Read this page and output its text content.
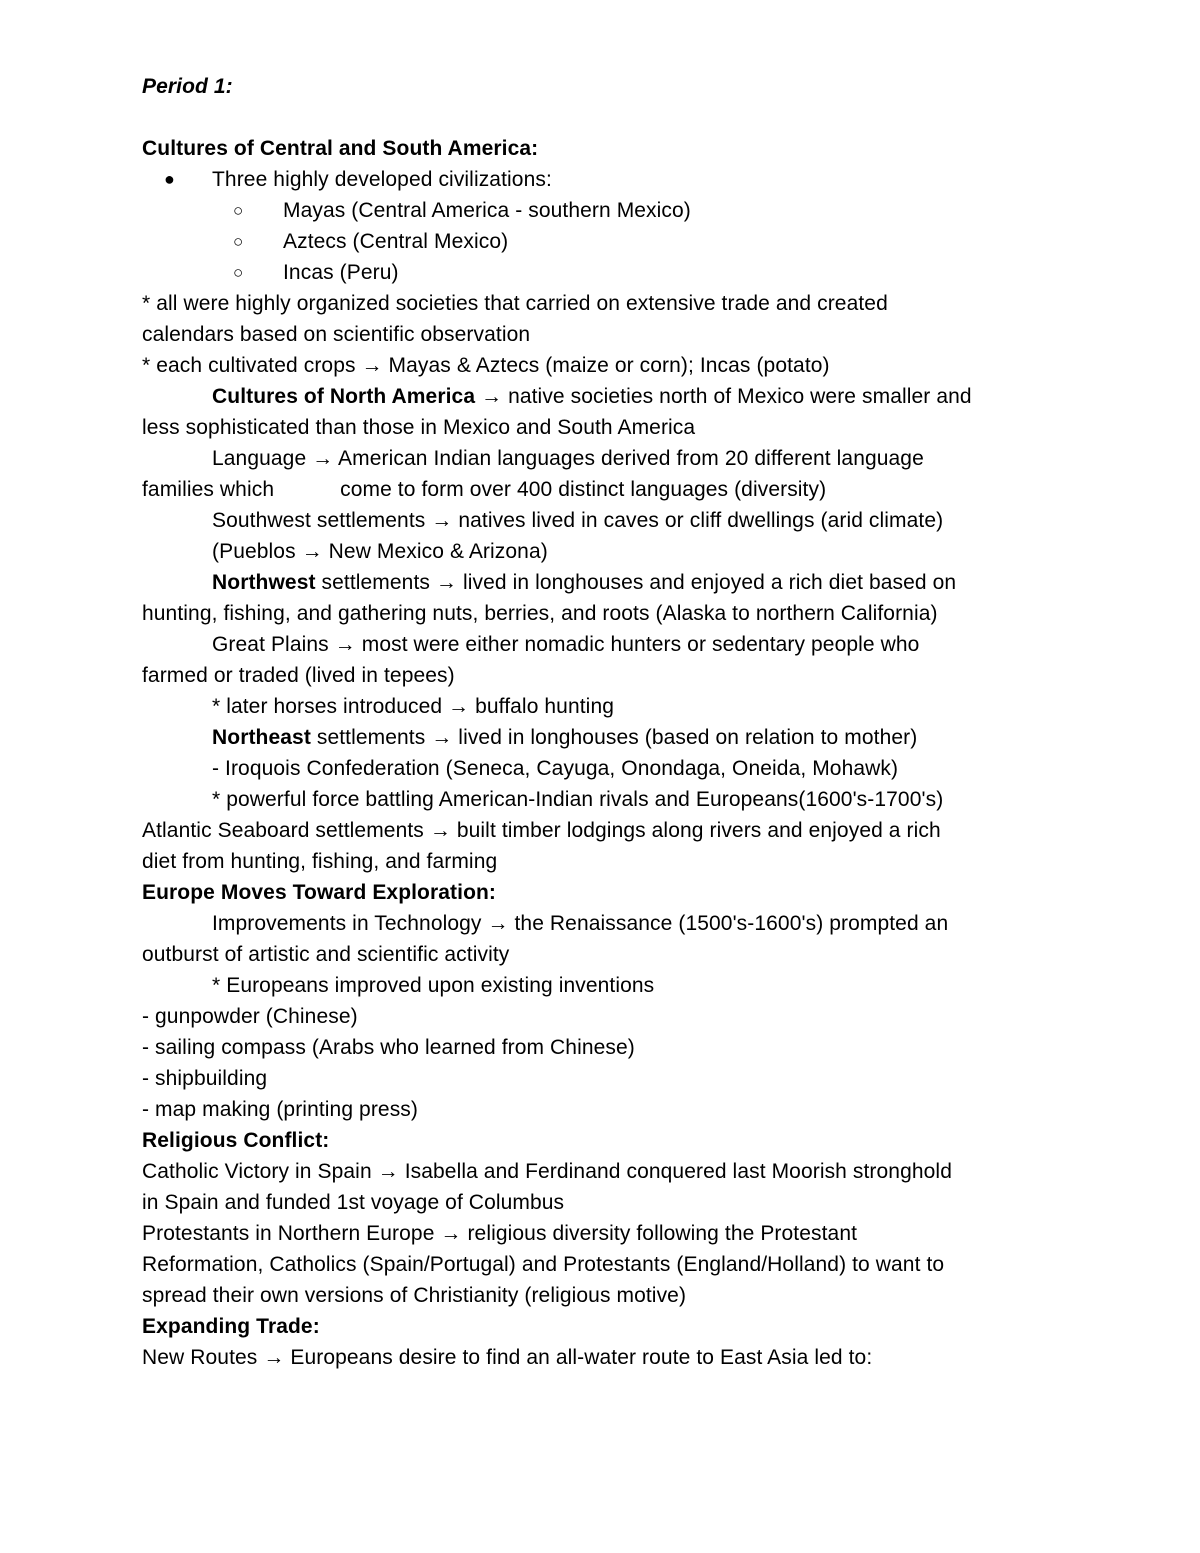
Period 1:
Cultures of Central and South America:
● Three highly developed civilizations:
○ Mayas (Central America - southern Mexico)
○ Aztecs (Central Mexico)
○ Incas (Peru)
* all were highly organized societies that carried on extensive trade and created
calendars based on scientific observation
* each cultivated crops → Mayas & Aztecs (maize or corn); Incas (potato)
Cultures of North America → native societies north of Mexico were smaller and
less sophisticated than those in Mexico and South America
Language → American Indian languages derived from 20 different language
families which	come to form over 400 distinct languages (diversity)
Southwest settlements → natives lived in caves or cliff dwellings (arid climate)
(Pueblos → New Mexico & Arizona)
Northwest settlements → lived in longhouses and enjoyed a rich diet based on
hunting, fishing, and gathering nuts, berries, and roots (Alaska to northern California)
Great Plains → most were either nomadic hunters or sedentary people who
farmed or traded (lived in tepees)
* later horses introduced → buffalo hunting
Northeast settlements → lived in longhouses (based on relation to mother)
- Iroquois Confederation (Seneca, Cayuga, Onondaga, Oneida, Mohawk)
* powerful force battling American-Indian rivals and Europeans(1600's-1700's)
Atlantic Seaboard settlements → built timber lodgings along rivers and enjoyed a rich
diet from hunting, fishing, and farming
Europe Moves Toward Exploration:
Improvements in Technology → the Renaissance (1500's-1600's) prompted an
outburst of artistic and scientific activity
* Europeans improved upon existing inventions
- gunpowder (Chinese)
- sailing compass (Arabs who learned from Chinese)
- shipbuilding
- map making (printing press)
Religious Conflict:
Catholic Victory in Spain → Isabella and Ferdinand conquered last Moorish stronghold
in Spain and funded 1st voyage of Columbus
Protestants in Northern Europe → religious diversity following the Protestant
Reformation, Catholics (Spain/Portugal) and Protestants (England/Holland) to want to
spread their own versions of Christianity (religious motive)
Expanding Trade:
New Routes → Europeans desire to find an all-water route to East Asia led to:
